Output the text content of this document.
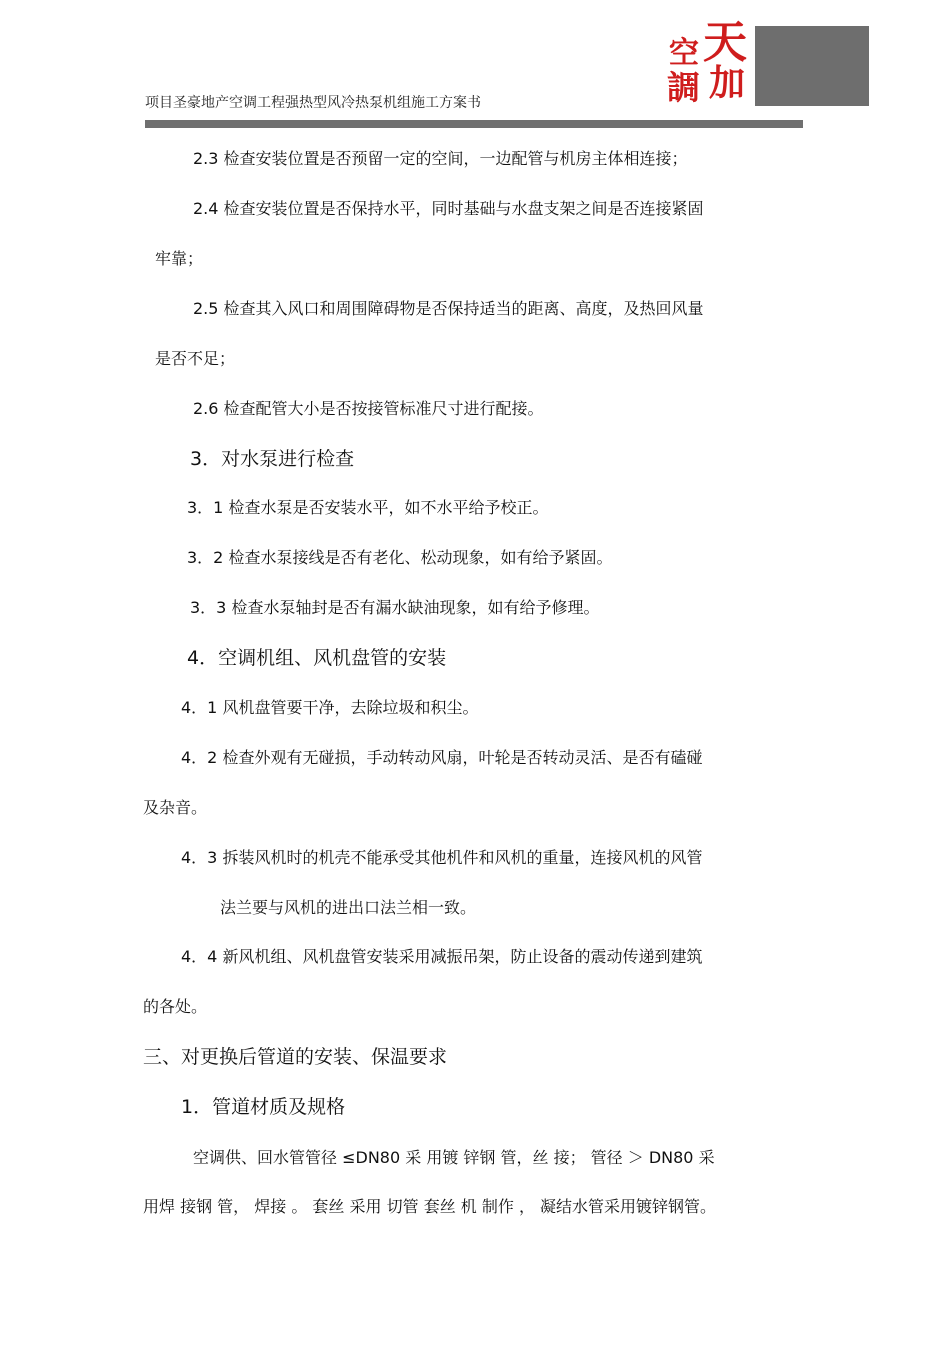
项目圣豪地产空调工程强热型风冷热泵机组施工方案书
空 天
調 加
2.3 检查安装位置是否预留一定的空间，一边配管与机房主体相连接；
2.4 检查安装位置是否保持水平，同时基础与水盘支架之间是否连接紧固
牢靠；
2.5 检查其入风口和周围障碍物是否保持适当的距离、高度，及热回风量
是否不足；
2.6 检查配管大小是否按接管标准尺寸进行配接。
3．对水泵进行检查
3．1 检查水泵是否安装水平，如不水平给予校正。
3．2 检查水泵接线是否有老化、松动现象，如有给予紧固。
3．3 检查水泵轴封是否有漏水缺油现象，如有给予修理。
4．空调机组、风机盘管的安装
4．1 风机盘管要干净，去除垃圾和积尘。
4．2 检查外观有无碰损，手动转动风扇，叶轮是否转动灵活、是否有磕碰
及杂音。
4．3 拆装风机时的机壳不能承受其他机件和风机的重量，连接风机的风管
法兰要与风机的进出口法兰相一致。
4．4 新风机组、风机盘管安装采用减振吊架，防止设备的震动传递到建筑
的各处。
三、对更换后管道的安装、保温要求
1．管道材质及规格
空调供、回水管管径 ≤DN80 采 用镀 锌钢 管，丝 接； 管径 ＞ DN80 采
用焊 接钢 管， 焊接 。 套丝 采用 切管 套丝 机 制作 ， 凝结水管采用镀锌钢管。
